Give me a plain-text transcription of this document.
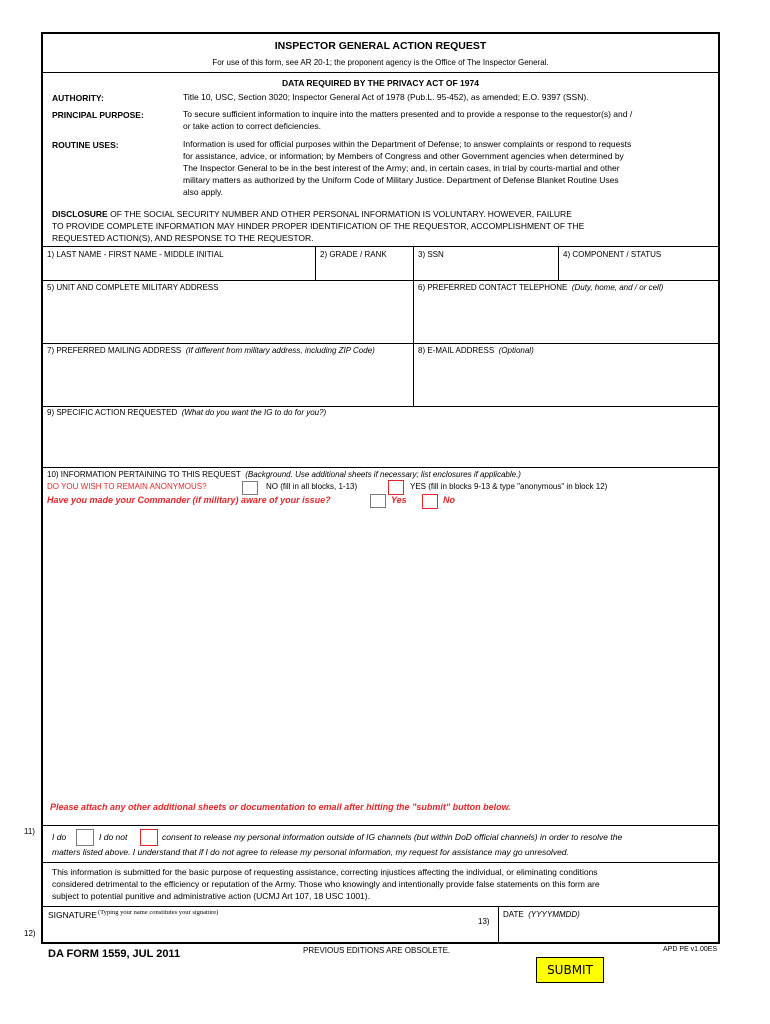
INSPECTOR GENERAL ACTION REQUEST
For use of this form, see AR 20-1; the proponent agency is the Office of The Inspector General.
DATA REQUIRED BY THE PRIVACY ACT OF 1974
AUTHORITY:	Title 10, USC, Section 3020; Inspector General Act of 1978 (Pub.L. 95-452), as amended; E.O. 9397 (SSN).
PRINCIPAL PURPOSE:	To secure sufficient information to inquire into the matters presented and to provide a response to the requestor(s) and /
or take action to correct deficiencies.
ROUTINE USES:	Information is used for official purposes within the Department of Defense; to answer complaints or respond to requests
for assistance, advice, or information; by Members of Congress and other Government agencies when determined by
The Inspector General to be in the best interest of the Army; and, in certain cases, in trial by courts-martial and other
military matters as authorized by the Uniform Code of Military Justice. Department of Defense Blanket Routine Uses
also apply.
DISCLOSURE OF THE SOCIAL SECURITY NUMBER AND OTHER PERSONAL INFORMATION IS VOLUNTARY. HOWEVER, FAILURE
TO PROVIDE COMPLETE INFORMATION MAY HINDER PROPER IDENTIFICATION OF THE REQUESTOR, ACCOMPLISHMENT OF THE
REQUESTED ACTION(S), AND RESPONSE TO THE REQUESTOR.
1) LAST NAME - FIRST NAME - MIDDLE INITIAL	2) GRADE / RANK	3) SSN	4) COMPONENT / STATUS
5) UNIT AND COMPLETE MILITARY ADDRESS	6) PREFERRED CONTACT TELEPHONE (Duty, home, and / or cell)
7) PREFERRED MAILING ADDRESS (If different from military address, including ZIP Code)	8) E-MAIL ADDRESS (Optional)
9) SPECIFIC ACTION REQUESTED (What do you want the IG to do for you?)
10) INFORMATION PERTAINING TO THIS REQUEST (Background. Use additional sheets if necessary; list enclosures if applicable.)
DO YOU WISH TO REMAIN ANONYMOUS?	NO (fill in all blocks, 1-13)	YES (fill in blocks 9-13 & type "anonymous" in block 12)
Have you made your Commander (if military) aware of your issue?	Yes	No
Please attach any other additional sheets or documentation to email after hitting the "submit" button below.
11)
I do	I do not	consent to release my personal information outside of IG channels (but within DoD official channels) in order to resolve the
matters listed above. I understand that if I do not agree to release my personal information, my request for assistance may go unresolved.
This information is submitted for the basic purpose of requesting assistance, correcting injustices affecting the individual, or eliminating conditions
considered detrimental to the efficiency or reputation of the Army. Those who knowingly and intentionally provide false statements on this form are
subject to potential punitive and administrative action (UCMJ Art 107, 18 USC 1001).
SIGNATURE (Typing your name constitutes your signature)
13)
DATE (YYYYMMDD)
12)
DA FORM 1559, JUL 2011	PREVIOUS EDITIONS ARE OBSOLETE.	APD PE v1.00ES
SUBMIT
